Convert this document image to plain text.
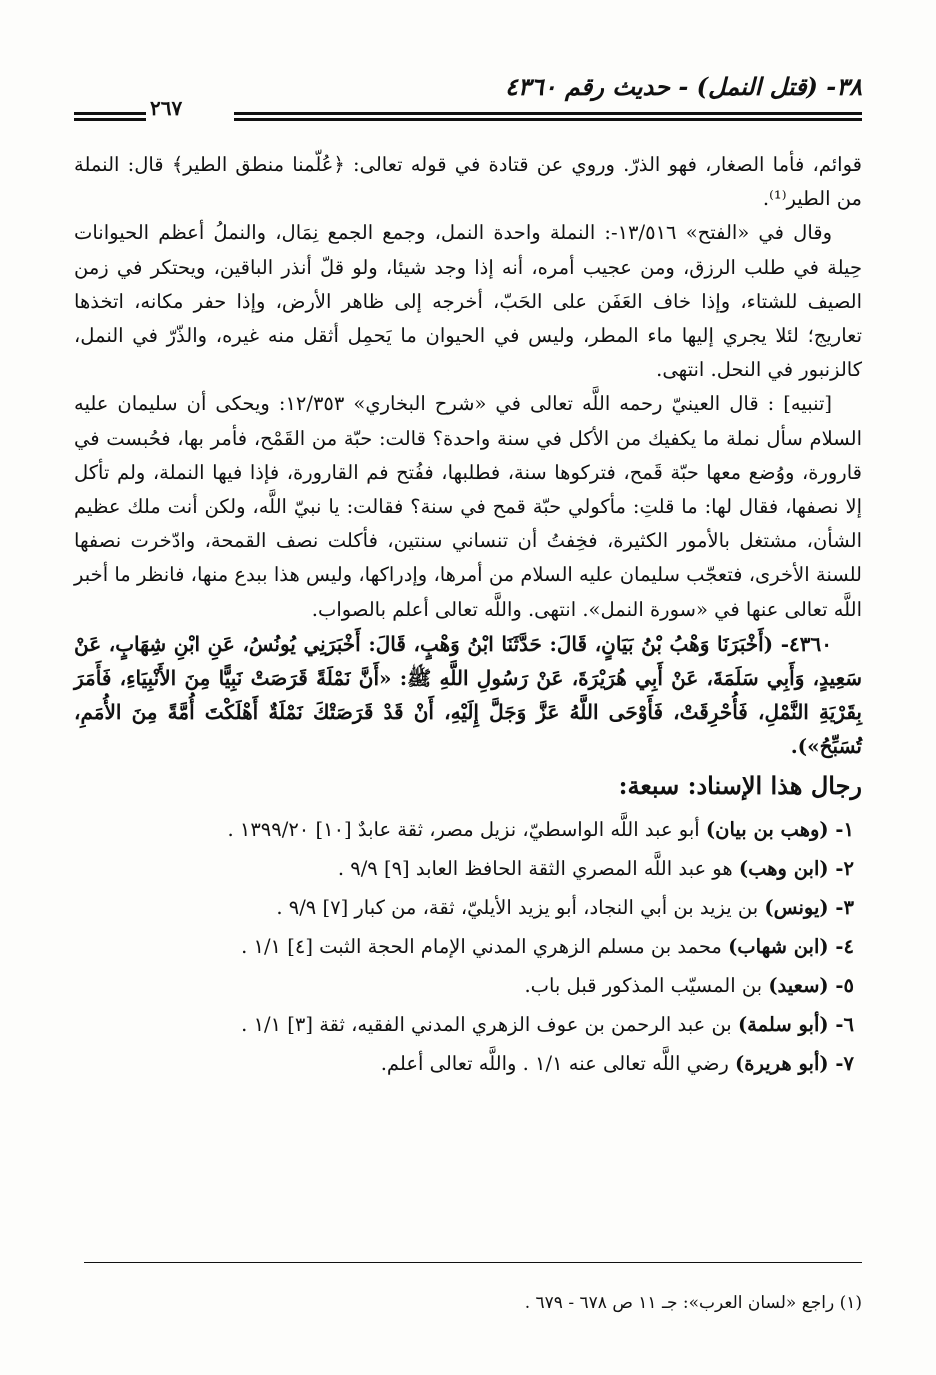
٣٨- (قتل النمل) - حديث رقم ٤٣٦٠
٢٦٧

قوائم، فأما الصغار، فهو الذرّ. وروي عن قتادة في قوله تعالى: ﴿عُلّمنا منطق الطير﴾ قال: النملة من الطير⁽¹⁾.

وقال في «الفتح» ١٣/٥١٦-: النملة واحدة النمل، وجمع الجمع نِمَال، والنملُ أعظم الحيوانات حِيلة في طلب الرزق، ومن عجيب أمره، أنه إذا وجد شيئا، ولو قلّ أنذر الباقين، ويحتكر في زمن الصيف للشتاء، وإذا خاف العَفَن على الحَبّ، أخرجه إلى ظاهر الأرض، وإذا حفر مكانه، اتخذها تعاريج؛ لئلا يجري إليها ماء المطر، وليس في الحيوان ما يَحمِل أثقل منه غيره، والذّرّ في النمل، كالزنبور في النحل. انتهى.

[تنبيه] : قال العينيّ رحمه اللَّه تعالى في «شرح البخاري» ١٢/٣٥٣: ويحكى أن سليمان عليه السلام سأل نملة ما يكفيك من الأكل في سنة واحدة؟ قالت: حبّة من القَمْح، فأمر بها، فحُبست في قارورة، ووُضع معها حبّة قَمح، فتركوها سنة، فطلبها، ففُتح فم القارورة، فإذا فيها النملة، ولم تأكل إلا نصفها، فقال لها: ما قلتِ: مأكولي حبّة قمح في سنة؟ فقالت: يا نبيّ اللَّه، ولكن أنت ملك عظيم الشأن، مشتغل بالأمور الكثيرة، فخِفتُ أن تنساني سنتين، فأكلت نصف القمحة، وادّخرت نصفها للسنة الأخرى، فتعجّب سليمان عليه السلام من أمرها، وإدراكها، وليس هذا ببدع منها، فانظر ما أخبر اللَّه تعالى عنها في «سورة النمل». انتهى. واللَّه تعالى أعلم بالصواب.

٤٣٦٠- (أَخْبَرَنَا وَهْبُ بْنُ بَيَانٍ، قَالَ: حَدَّثَنَا ابْنُ وَهْبٍ، قَالَ: أَخْبَرَنِي يُونُسُ، عَنِ ابْنِ شِهَابٍ، عَنْ سَعِيدٍ، وَأَبِي سَلَمَةَ، عَنْ أَبِي هُرَيْرَةَ، عَنْ رَسُولِ اللَّهِ ﷺ: «أَنَّ نَمْلَةً قَرَصَتْ نَبِيًّا مِنَ الأَنْبِيَاءِ، فَأَمَرَ بِقَرْيَةِ النَّمْلِ، فَأُحْرِقَتْ، فَأَوْحَى اللَّهُ عَزَّ وَجَلَّ إِلَيْهِ، أَنْ قَدْ قَرَصَتْكَ نَمْلَةٌ أَهْلَكْتَ أُمَّةً مِنَ الأُمَمِ، تُسَبِّحُ»).

رجال هذا الإسناد: سبعة:
١- (وهب بن بيان) أبو عبد اللَّه الواسطيّ، نزيل مصر، ثقة عابدٌ [١٠] ١٣٩٩/٢٠ .
٢- (ابن وهب) هو عبد اللَّه المصري الثقة الحافظ العابد [٩] ٩/٩ .
٣- (يونس) بن يزيد بن أبي النجاد، أبو يزيد الأيليّ، ثقة، من كبار [٧] ٩/٩ .
٤- (ابن شهاب) محمد بن مسلم الزهري المدني الإمام الحجة الثبت [٤] ١/١ .
٥- (سعيد) بن المسيّب المذكور قبل باب.
٦- (أبو سلمة) بن عبد الرحمن بن عوف الزهري المدني الفقيه، ثقة [٣] ١/١ .
٧- (أبو هريرة) رضي اللَّه تعالى عنه ١/١ . واللَّه تعالى أعلم.
(١) راجع «لسان العرب»: جـ ١١ ص ٦٧٨ - ٦٧٩ .
